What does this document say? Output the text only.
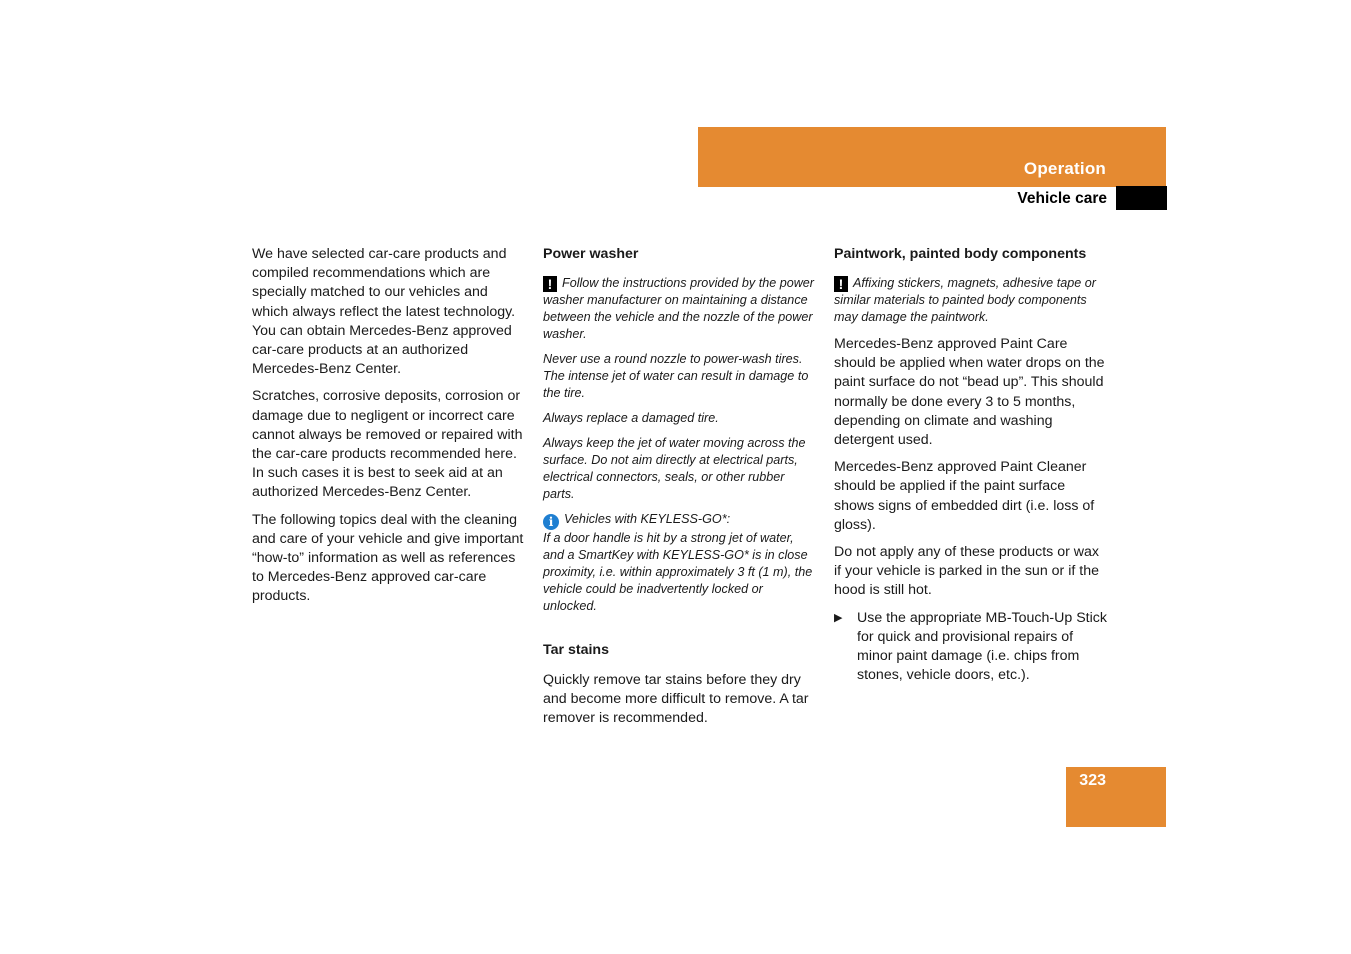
Operation
Vehicle care

We have selected car-care products and compiled recommendations which are specially matched to our vehicles and which always reflect the latest technology. You can obtain Mercedes-Benz approved car-care products at an authorized Mercedes-Benz Center.

Scratches, corrosive deposits, corrosion or damage due to negligent or incorrect care cannot always be removed or repaired with the car-care products recommended here. In such cases it is best to seek aid at an authorized Mercedes-Benz Center.

The following topics deal with the cleaning and care of your vehicle and give important “how-to” information as well as references to Mercedes-Benz approved car-care products.

Power washer

! Follow the instructions provided by the power washer manufacturer on maintaining a distance between the vehicle and the nozzle of the power washer.

Never use a round nozzle to power-wash tires. The intense jet of water can result in damage to the tire.

Always replace a damaged tire.

Always keep the jet of water moving across the surface. Do not aim directly at electrical parts, electrical connectors, seals, or other rubber parts.

i Vehicles with KEYLESS-GO*:
If a door handle is hit by a strong jet of water, and a SmartKey with KEYLESS-GO* is in close proximity, i.e. within approximately 3 ft (1 m), the vehicle could be inadvertently locked or unlocked.

Tar stains

Quickly remove tar stains before they dry and become more difficult to remove. A tar remover is recommended.

Paintwork, painted body components

! Affixing stickers, magnets, adhesive tape or similar materials to painted body components may damage the paintwork.

Mercedes-Benz approved Paint Care should be applied when water drops on the paint surface do not “bead up”. This should normally be done every 3 to 5 months, depending on climate and washing detergent used.

Mercedes-Benz approved Paint Cleaner should be applied if the paint surface shows signs of embedded dirt (i.e. loss of gloss).

Do not apply any of these products or wax if your vehicle is parked in the sun or if the hood is still hot.

▶	Use the appropriate MB-Touch-Up Stick for quick and provisional repairs of minor paint damage (i.e. chips from stones, vehicle doors, etc.).
323
